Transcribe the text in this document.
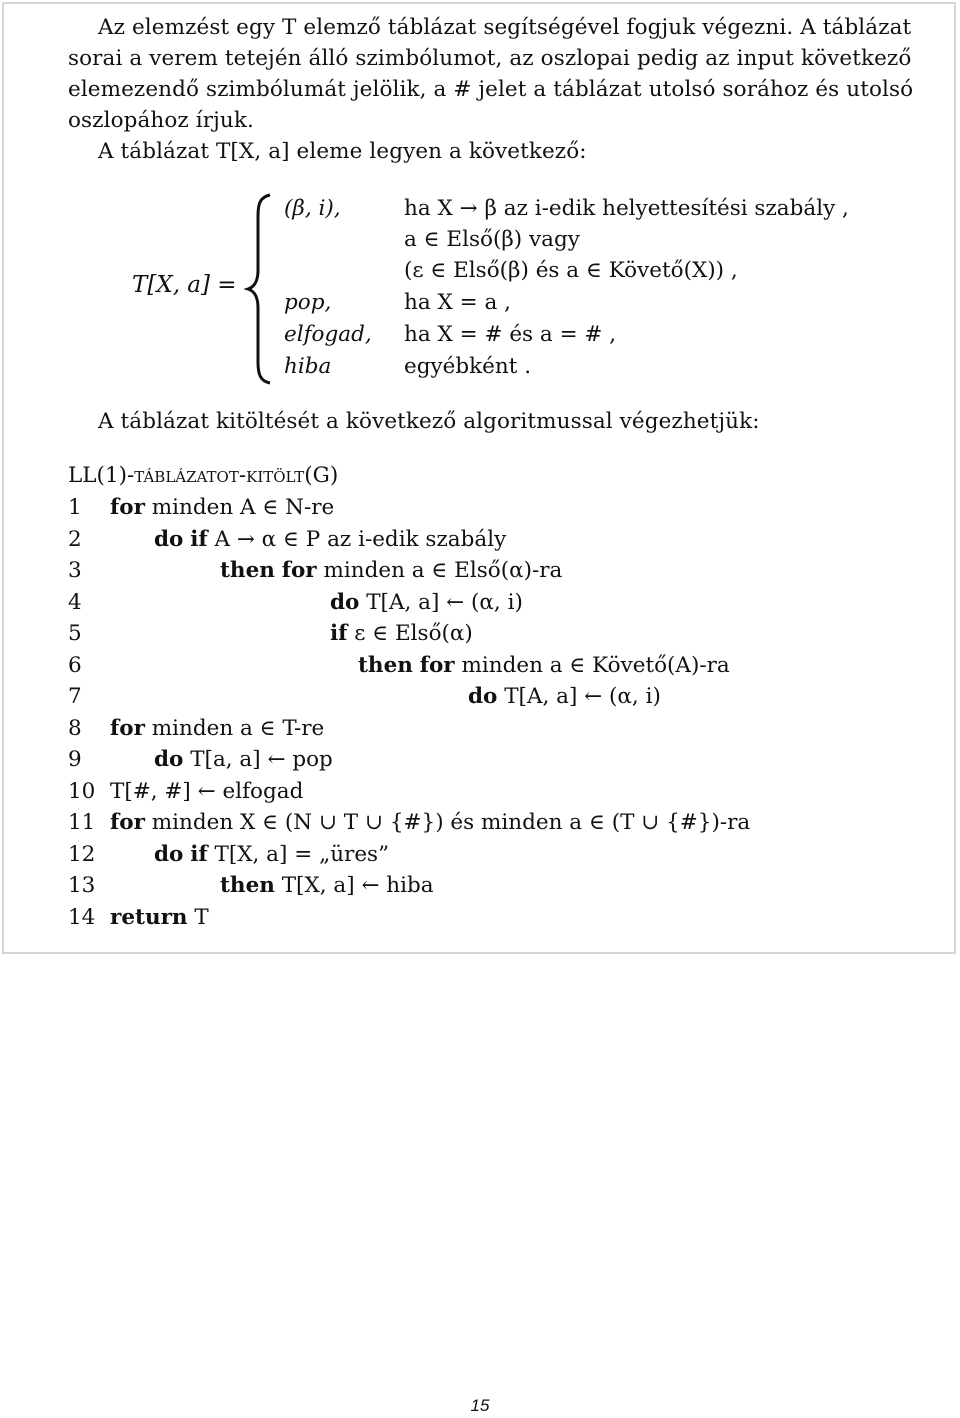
Az elemzést egy T elemző táblázat segítségével fogjuk végezni. A táblázat
sorai a verem tetején álló szimbólumot, az oszlopai pedig az input következő
elemezendő szimbólumát jelölik, a # jelet a táblázat utolsó sorához és utolsó
oszlopához írjuk.
A táblázat T[X, a] eleme legyen a következő:
T[X, a] =
(β, i),	ha X → β az i-edik helyettesítési szabály ,
a ∈ Első(β) vagy
(ε ∈ Első(β) és a ∈ Követő(X)) ,
pop,	ha X = a ,
elfogad, ha X = # és a = # ,
hiba	egyébként .
A táblázat kitöltését a következő algoritmussal végezhetjük:
LL(1)-táblázatot-kitölt(G)
1	for minden A ∈ N-re
2	do if A → α ∈ P az i-edik szabály
3	then for minden a ∈ Első(α)-ra
4	do T[A, a] ← (α, i)
5	if ε ∈ Első(α)
6	then for minden a ∈ Követő(A)-ra
7	do T[A, a] ← (α, i)
8	for minden a ∈ T-re
9	do T[a, a] ← pop
10 T[#, #] ← elfogad
11 for minden X ∈ (N ∪ T ∪ {#}) és minden a ∈ (T ∪ {#})-ra
12	do if T[X, a] = „üres”
13	then T[X, a] ← hiba
14 return T
15
